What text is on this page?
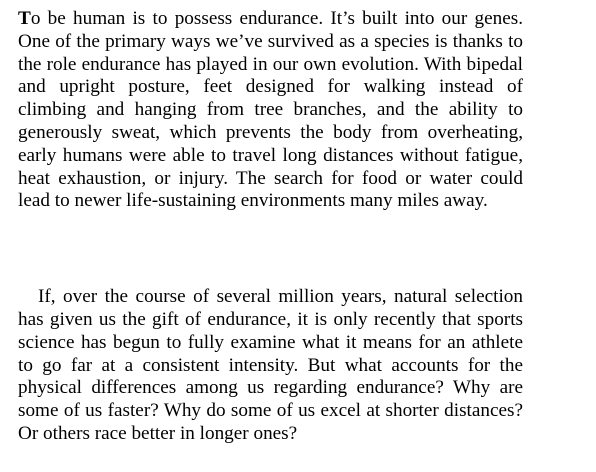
To be human is to possess endurance. It’s built into our genes. One of the primary ways we’ve survived as a species is thanks to the role endurance has played in our own evolution. With bipedal and upright posture, feet designed for walking instead of climbing and hanging from tree branches, and the ability to generously sweat, which prevents the body from overheating, early humans were able to travel long distances without fatigue, heat exhaustion, or injury. The search for food or water could lead to newer life-sustaining environments many miles away.

If, over the course of several million years, natural selection has given us the gift of endurance, it is only recently that sports science has begun to fully examine what it means for an athlete to go far at a consistent intensity. But what accounts for the physical differences among us regarding endurance? Why are some of us faster? Why do some of us excel at shorter distances? Or others race better in longer ones?
